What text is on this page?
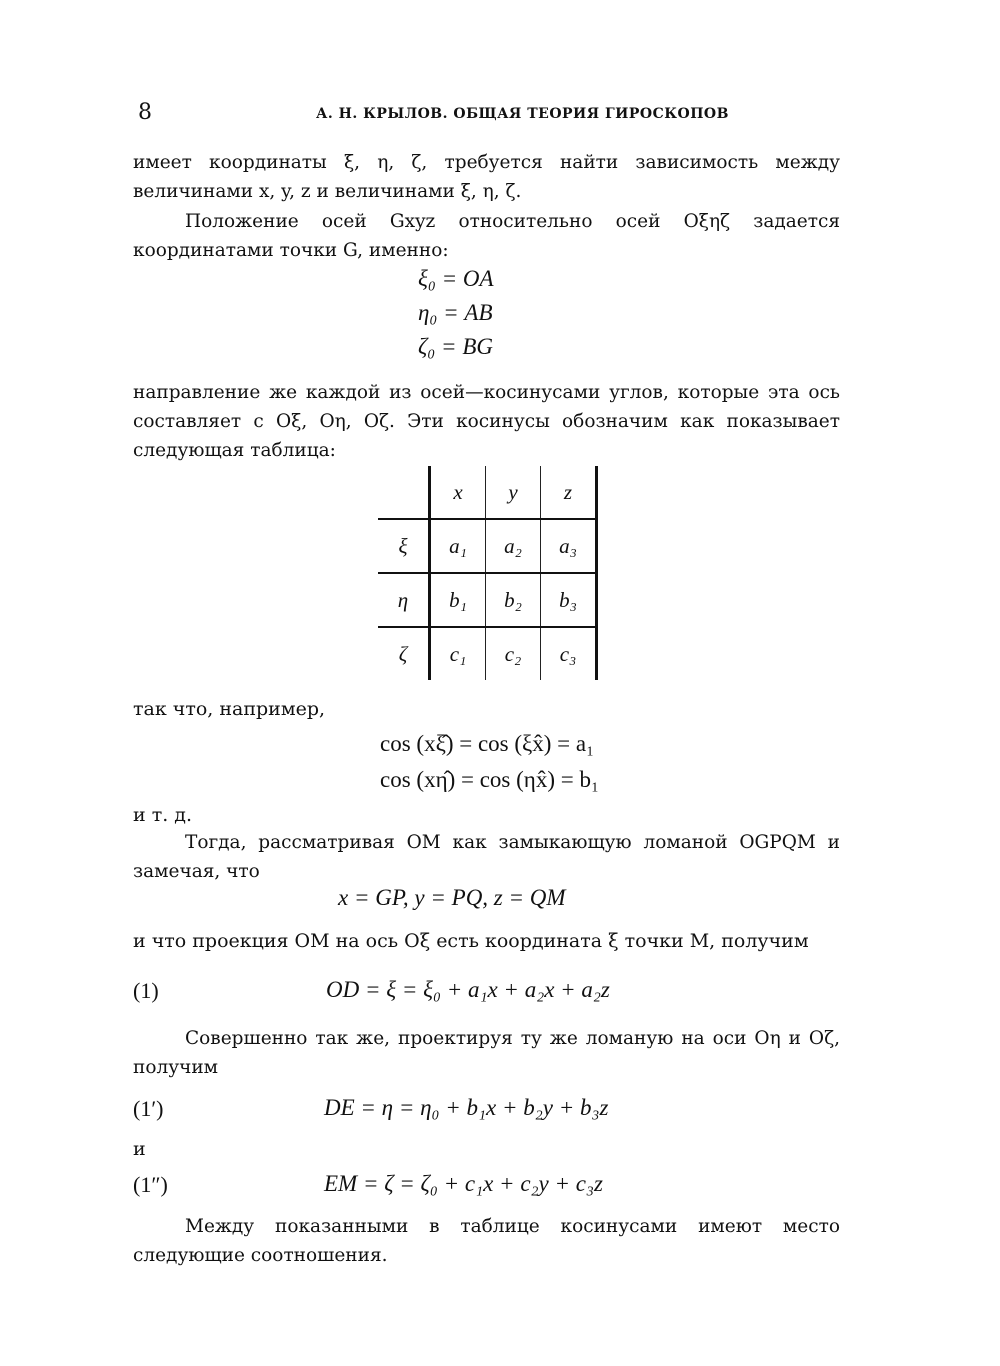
8	А. Н. КРЫЛОВ. ОБЩАЯ ТЕОРИЯ ГИРОСКОПОВ
имеет координаты ξ, η, ζ, требуется найти зависимость между величинами x, y, z и величинами ξ, η, ζ.
Положение осей Gxyz относительно осей Oξηζ задается координатами точки G, именно:
ξ₀ = OA
η₀ = AB
ζ₀ = BG
направление же каждой из осей—косинусами углов, которые эта ось составляет с Oξ, Oη, Oζ. Эти косинусы обозначим как показывает следующая таблица:
	x	y	z
ξ	a₁	a₂	a₃
η	b₁	b₂	b₃
ζ	c₁	c₂	c₃
так что, например,
cos (xξ̂) = cos (ξx̂) = a₁
cos (xη̂) = cos (ηx̂) = b₁
и т. д.
Тогда, рассматривая OM как замыкающую ломаной OGPQM и замечая, что
x = GP, y = PQ, z = QM
и что проекция OM на ось Oξ есть координата ξ точки M, получим
(1)	OD = ξ = ξ₀ + a₁x + a₂x + a₂z
Совершенно так же, проектируя ту же ломаную на оси Oη и Oζ, получим
(1′)	DE = η = η₀ + b₁x + b₂y + b₃z
и
(1″)	EM = ζ = ζ₀ + c₁x + c₂y + c₃z
Между показанными в таблице косинусами имеют место следующие соотношения.
